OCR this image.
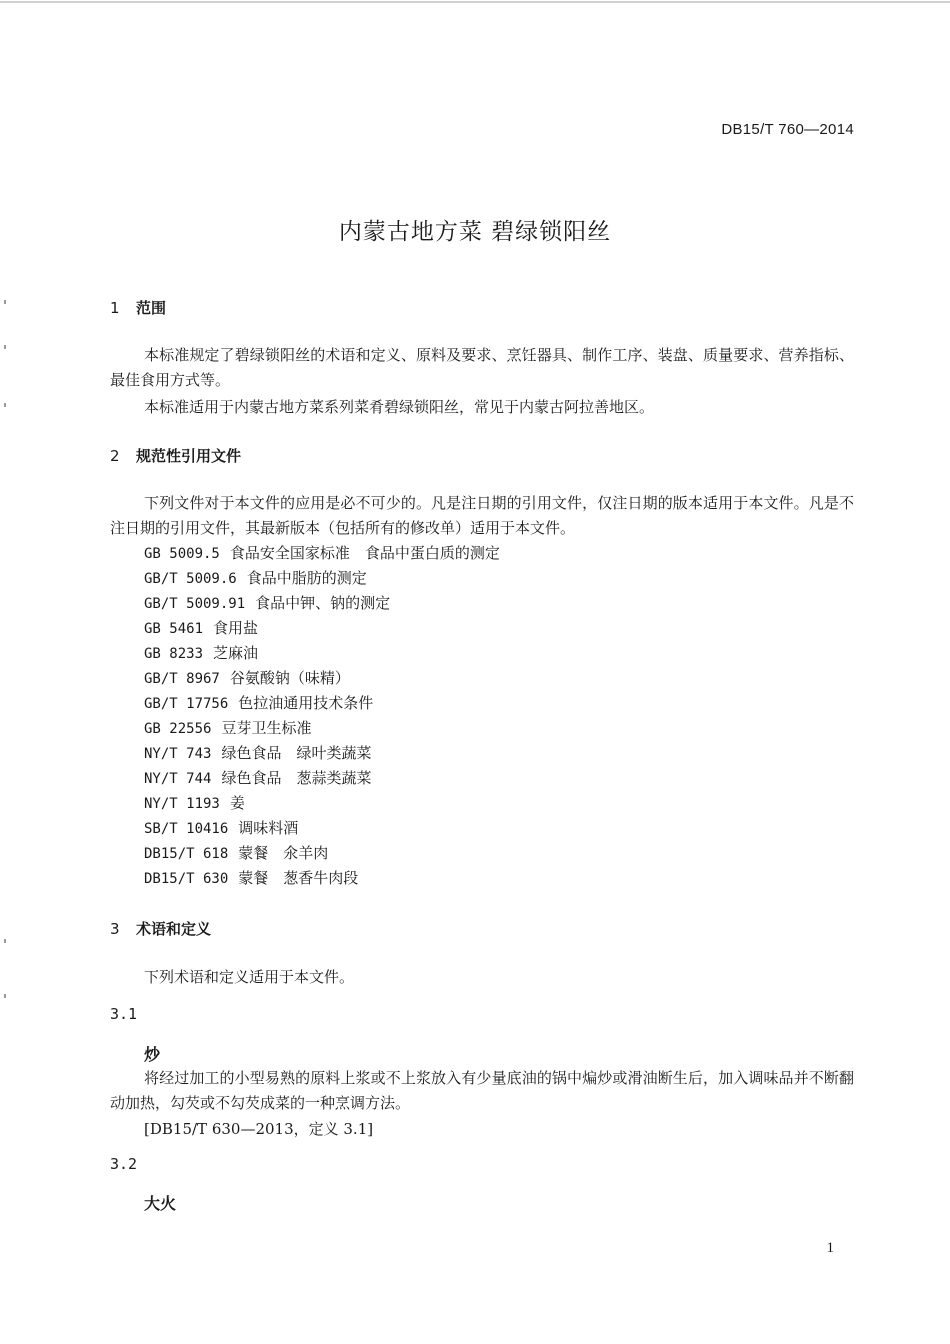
DB15/T 760—2014
内蒙古地方菜 碧绿锁阳丝
1 范围
本标准规定了碧绿锁阳丝的术语和定义、原料及要求、烹饪器具、制作工序、装盘、质量要求、营养指标、最佳食用方式等。
本标准适用于内蒙古地方菜系列菜肴碧绿锁阳丝，常见于内蒙古阿拉善地区。
2 规范性引用文件
下列文件对于本文件的应用是必不可少的。凡是注日期的引用文件，仅注日期的版本适用于本文件。凡是不注日期的引用文件，其最新版本（包括所有的修改单）适用于本文件。
GB 5009.5 食品安全国家标准　食品中蛋白质的测定
GB/T 5009.6 食品中脂肪的测定
GB/T 5009.91 食品中钾、钠的测定
GB 5461 食用盐
GB 8233 芝麻油
GB/T 8967 谷氨酸钠（味精）
GB/T 17756 色拉油通用技术条件
GB 22556 豆芽卫生标准
NY/T 743 绿色食品　绿叶类蔬菜
NY/T 744 绿色食品　葱蒜类蔬菜
NY/T 1193 姜
SB/T 10416 调味料酒
DB15/T 618 蒙餐　氽羊肉
DB15/T 630 蒙餐　葱香牛肉段
3 术语和定义
下列术语和定义适用于本文件。
3.1
炒
将经过加工的小型易熟的原料上浆或不上浆放入有少量底油的锅中煸炒或滑油断生后，加入调味品并不断翻动加热，勾芡或不勾芡成菜的一种烹调方法。
[DB15/T 630—2013，定义 3.1]
3.2
大火
1
